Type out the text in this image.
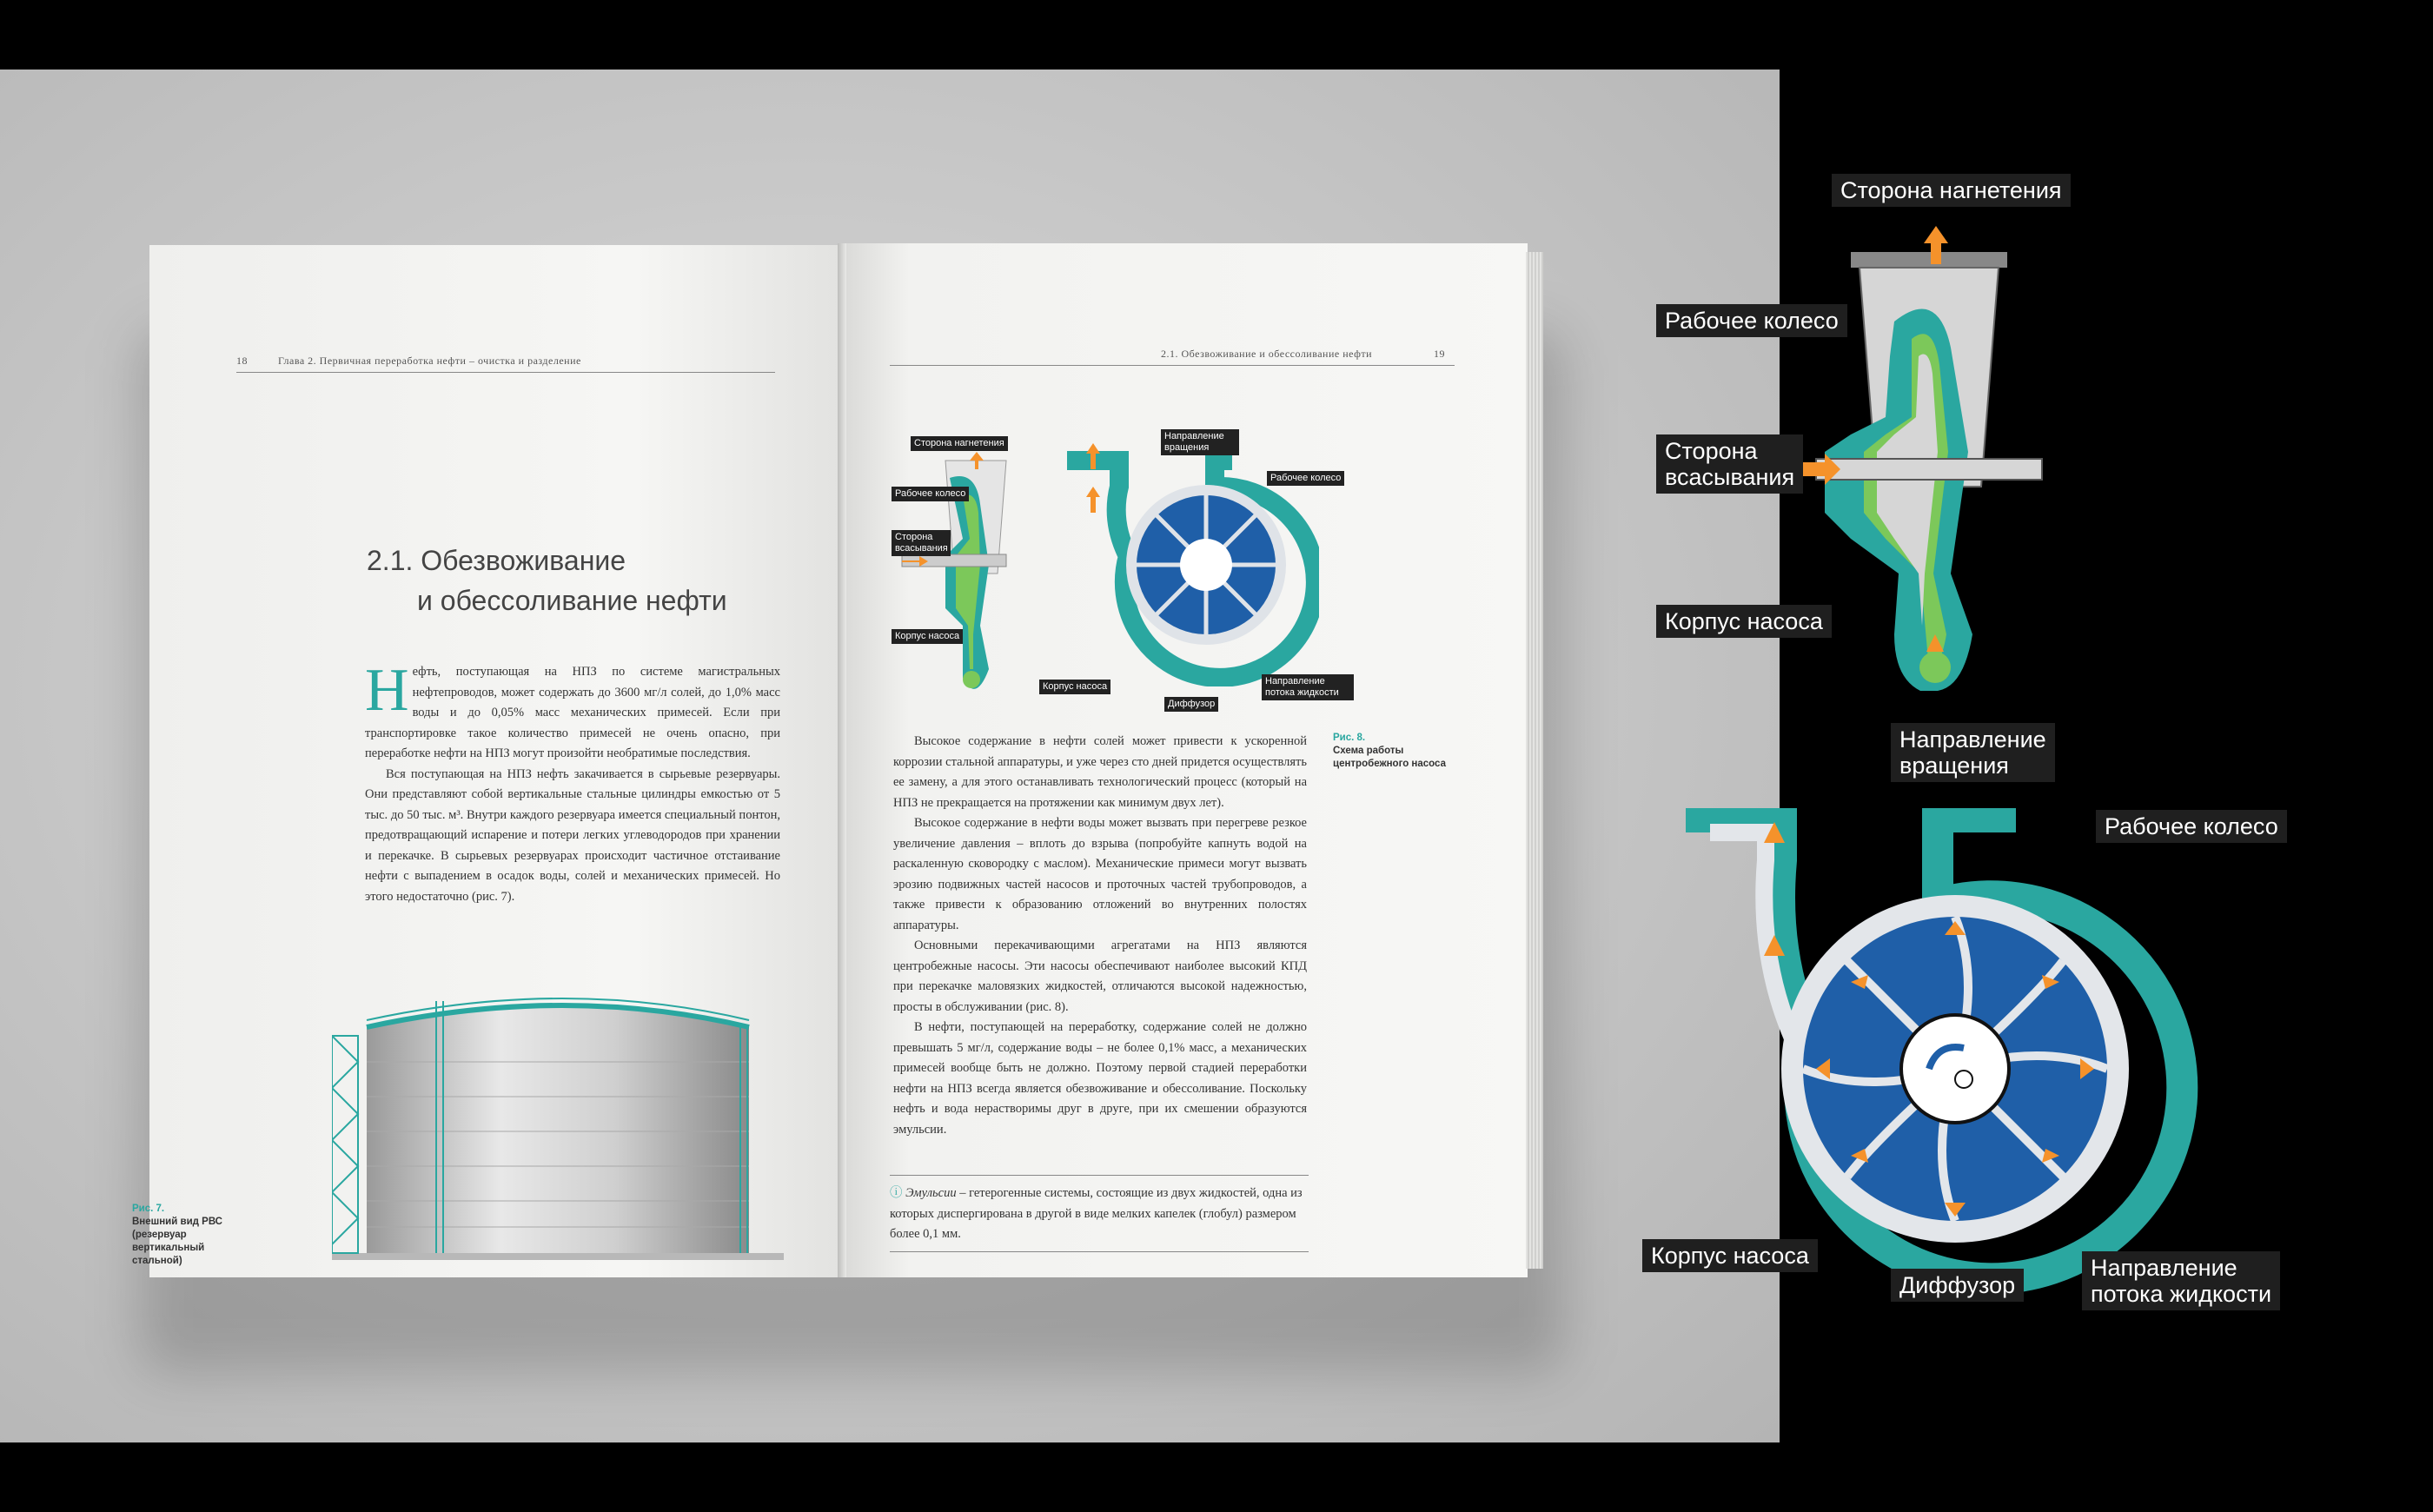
18	Глава 2. Первичная переработка нефти – очистка и разделение
2.1. Обезвоживание
и обессоливание нефти

Нефть, поступающая на НПЗ по системе магистральных нефтепроводов, может содержать до 3600 мг/л солей, до 1,0% масс воды и до 0,05% масс механических примесей. Если при транспортировке такое количество примесей не очень опасно, при переработке нефти на НПЗ могут произойти необратимые последствия.

Вся поступающая на НПЗ нефть закачивается в сырьевые резервуары. Они представляют собой вертикальные стальные цилиндры емкостью от 5 тыс. до 50 тыс. м³. Внутри каждого резервуара имеется специальный понтон, предотвращающий испарение и потери легких углеводородов при хранении и перекачке. В сырьевых резервуарах происходит частичное отстаивание нефти с выпадением в осадок воды, солей и механических примесей. Но этого недостаточно (рис. 7).

Рис. 7.
Внешний вид РВС (резервуар вертикальный стальной)
2.1. Обезвоживание и обессоливание нефти	19
Сторона нагнетения
Рабочее колесо
Сторона всасывания
Корпус насоса
Направление вращения
Рабочее колесо
Корпус насоса
Диффузор
Направление потока жидкости
Рис. 8.
Схема работы центробежного насоса

Высокое содержание в нефти солей может привести к ускоренной коррозии стальной аппаратуры, и уже через сто дней придется осуществлять ее замену, а для этого останавливать технологический процесс (который на НПЗ не прекращается на протяжении как минимум двух лет).

Высокое содержание в нефти воды может вызвать при перегреве резкое увеличение давления – вплоть до взрыва (попробуйте капнуть водой на раскаленную сковородку с маслом). Механические примеси могут вызвать эрозию подвижных частей насосов и проточных частей трубопроводов, а также привести к образованию отложений во внутренних полостях аппаратуры.

Основными перекачивающими агрегатами на НПЗ являются центробежные насосы. Эти насосы обеспечивают наиболее высокий КПД при перекачке маловязких жидкостей, отличаются высокой надежностью, просты в обслуживании (рис. 8).

В нефти, поступающей на переработку, содержание солей не должно превышать 5 мг/л, содержание воды – не более 0,1% масс, а механических примесей вообще быть не должно. Поэтому первой стадией переработки нефти на НПЗ всегда является обезвоживание и обессоливание. Поскольку нефть и вода нерастворимы друг в друге, при их смешении образуются эмульсии.

ⓘ Эмульсии – гетерогенные системы, состоящие из двух жидкостей, одна из которых диспергирована в другой в виде мелких капелек (глобул) размером более 0,1 мм.
Сторона нагнетения
Рабочее колесо
Сторона
всасывания
Корпус насоса
Направление
вращения
Рабочее колесо
Корпус насоса
Диффузор
Направление
потока жидкости
